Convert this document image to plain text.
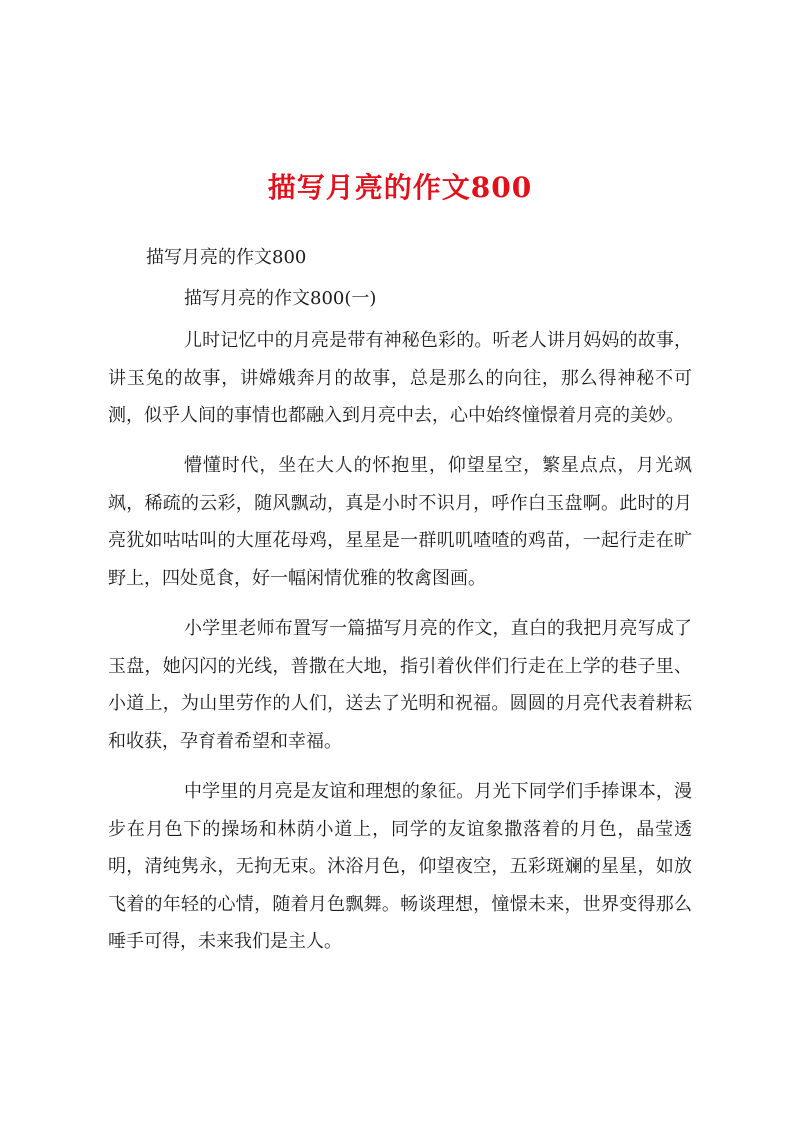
描写月亮的作文800
描写月亮的作文800
描写月亮的作文800(一)

儿时记忆中的月亮是带有神秘色彩的。听老人讲月妈妈的故事，讲玉兔的故事，讲嫦娥奔月的故事，总是那么的向往，那么得神秘不可测，似乎人间的事情也都融入到月亮中去，心中始终憧憬着月亮的美妙。

懵懂时代，坐在大人的怀抱里，仰望星空，繁星点点，月光飒飒，稀疏的云彩，随风飘动，真是小时不识月，呼作白玉盘啊。此时的月亮犹如咕咕叫的大厘花母鸡，星星是一群叽叽喳喳的鸡苗，一起行走在旷野上，四处觅食，好一幅闲情优雅的牧禽图画。

小学里老师布置写一篇描写月亮的作文，直白的我把月亮写成了玉盘，她闪闪的光线，普撒在大地，指引着伙伴们行走在上学的巷子里、小道上，为山里劳作的人们，送去了光明和祝福。圆圆的月亮代表着耕耘和收获，孕育着希望和幸福。

中学里的月亮是友谊和理想的象征。月光下同学们手捧课本，漫步在月色下的操场和林荫小道上，同学的友谊象撒落着的月色，晶莹透明，清纯隽永，无拘无束。沐浴月色，仰望夜空，五彩斑斓的星星，如放飞着的年轻的心情，随着月色飘舞。畅谈理想，憧憬未来，世界变得那么唾手可得，未来我们是主人。
